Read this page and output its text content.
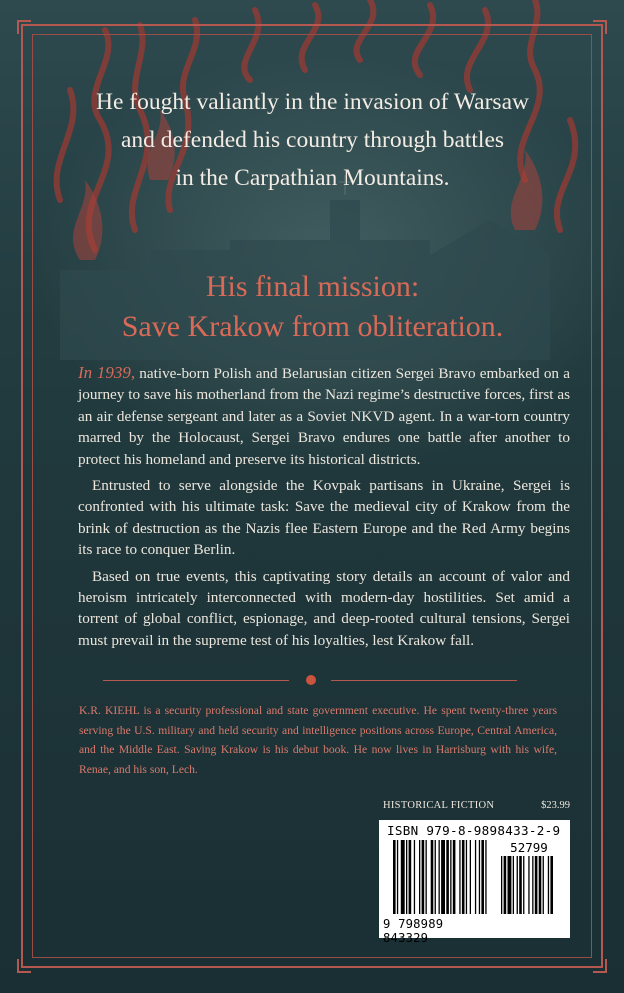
He fought valiantly in the invasion of Warsaw
and defended his country through battles
in the Carpathian Mountains.
His final mission:
Save Krakow from obliteration.

In 1939, native-born Polish and Belarusian citizen Sergei Bravo embarked on a journey to save his motherland from the Nazi regime’s destructive forces, first as an air defense sergeant and later as a Soviet NKVD agent. In a war-torn country marred by the Holocaust, Sergei Bravo endures one battle after another to protect his homeland and preserve its historical districts.

Entrusted to serve alongside the Kovpak partisans in Ukraine, Sergei is confronted with his ultimate task: Save the medieval city of Krakow from the brink of destruction as the Nazis flee Eastern Europe and the Red Army begins its race to conquer Berlin.

Based on true events, this captivating story details an account of valor and heroism intricately interconnected with modern-day hostilities. Set amid a torrent of global conflict, espionage, and deep-rooted cultural tensions, Sergei must prevail in the supreme test of his loyalties, lest Krakow fall.

K.R. KIEHL is a security professional and state government executive. He spent twenty-three years serving the U.S. military and held security and intelligence positions across Europe, Central America, and the Middle East. Saving Krakow is his debut book. He now lives in Harrisburg with his wife, Renae, and his son, Lech.
HISTORICAL FICTION	$23.99
ISBN 979-8-9898433-2-9
52799
9 798989 843329
